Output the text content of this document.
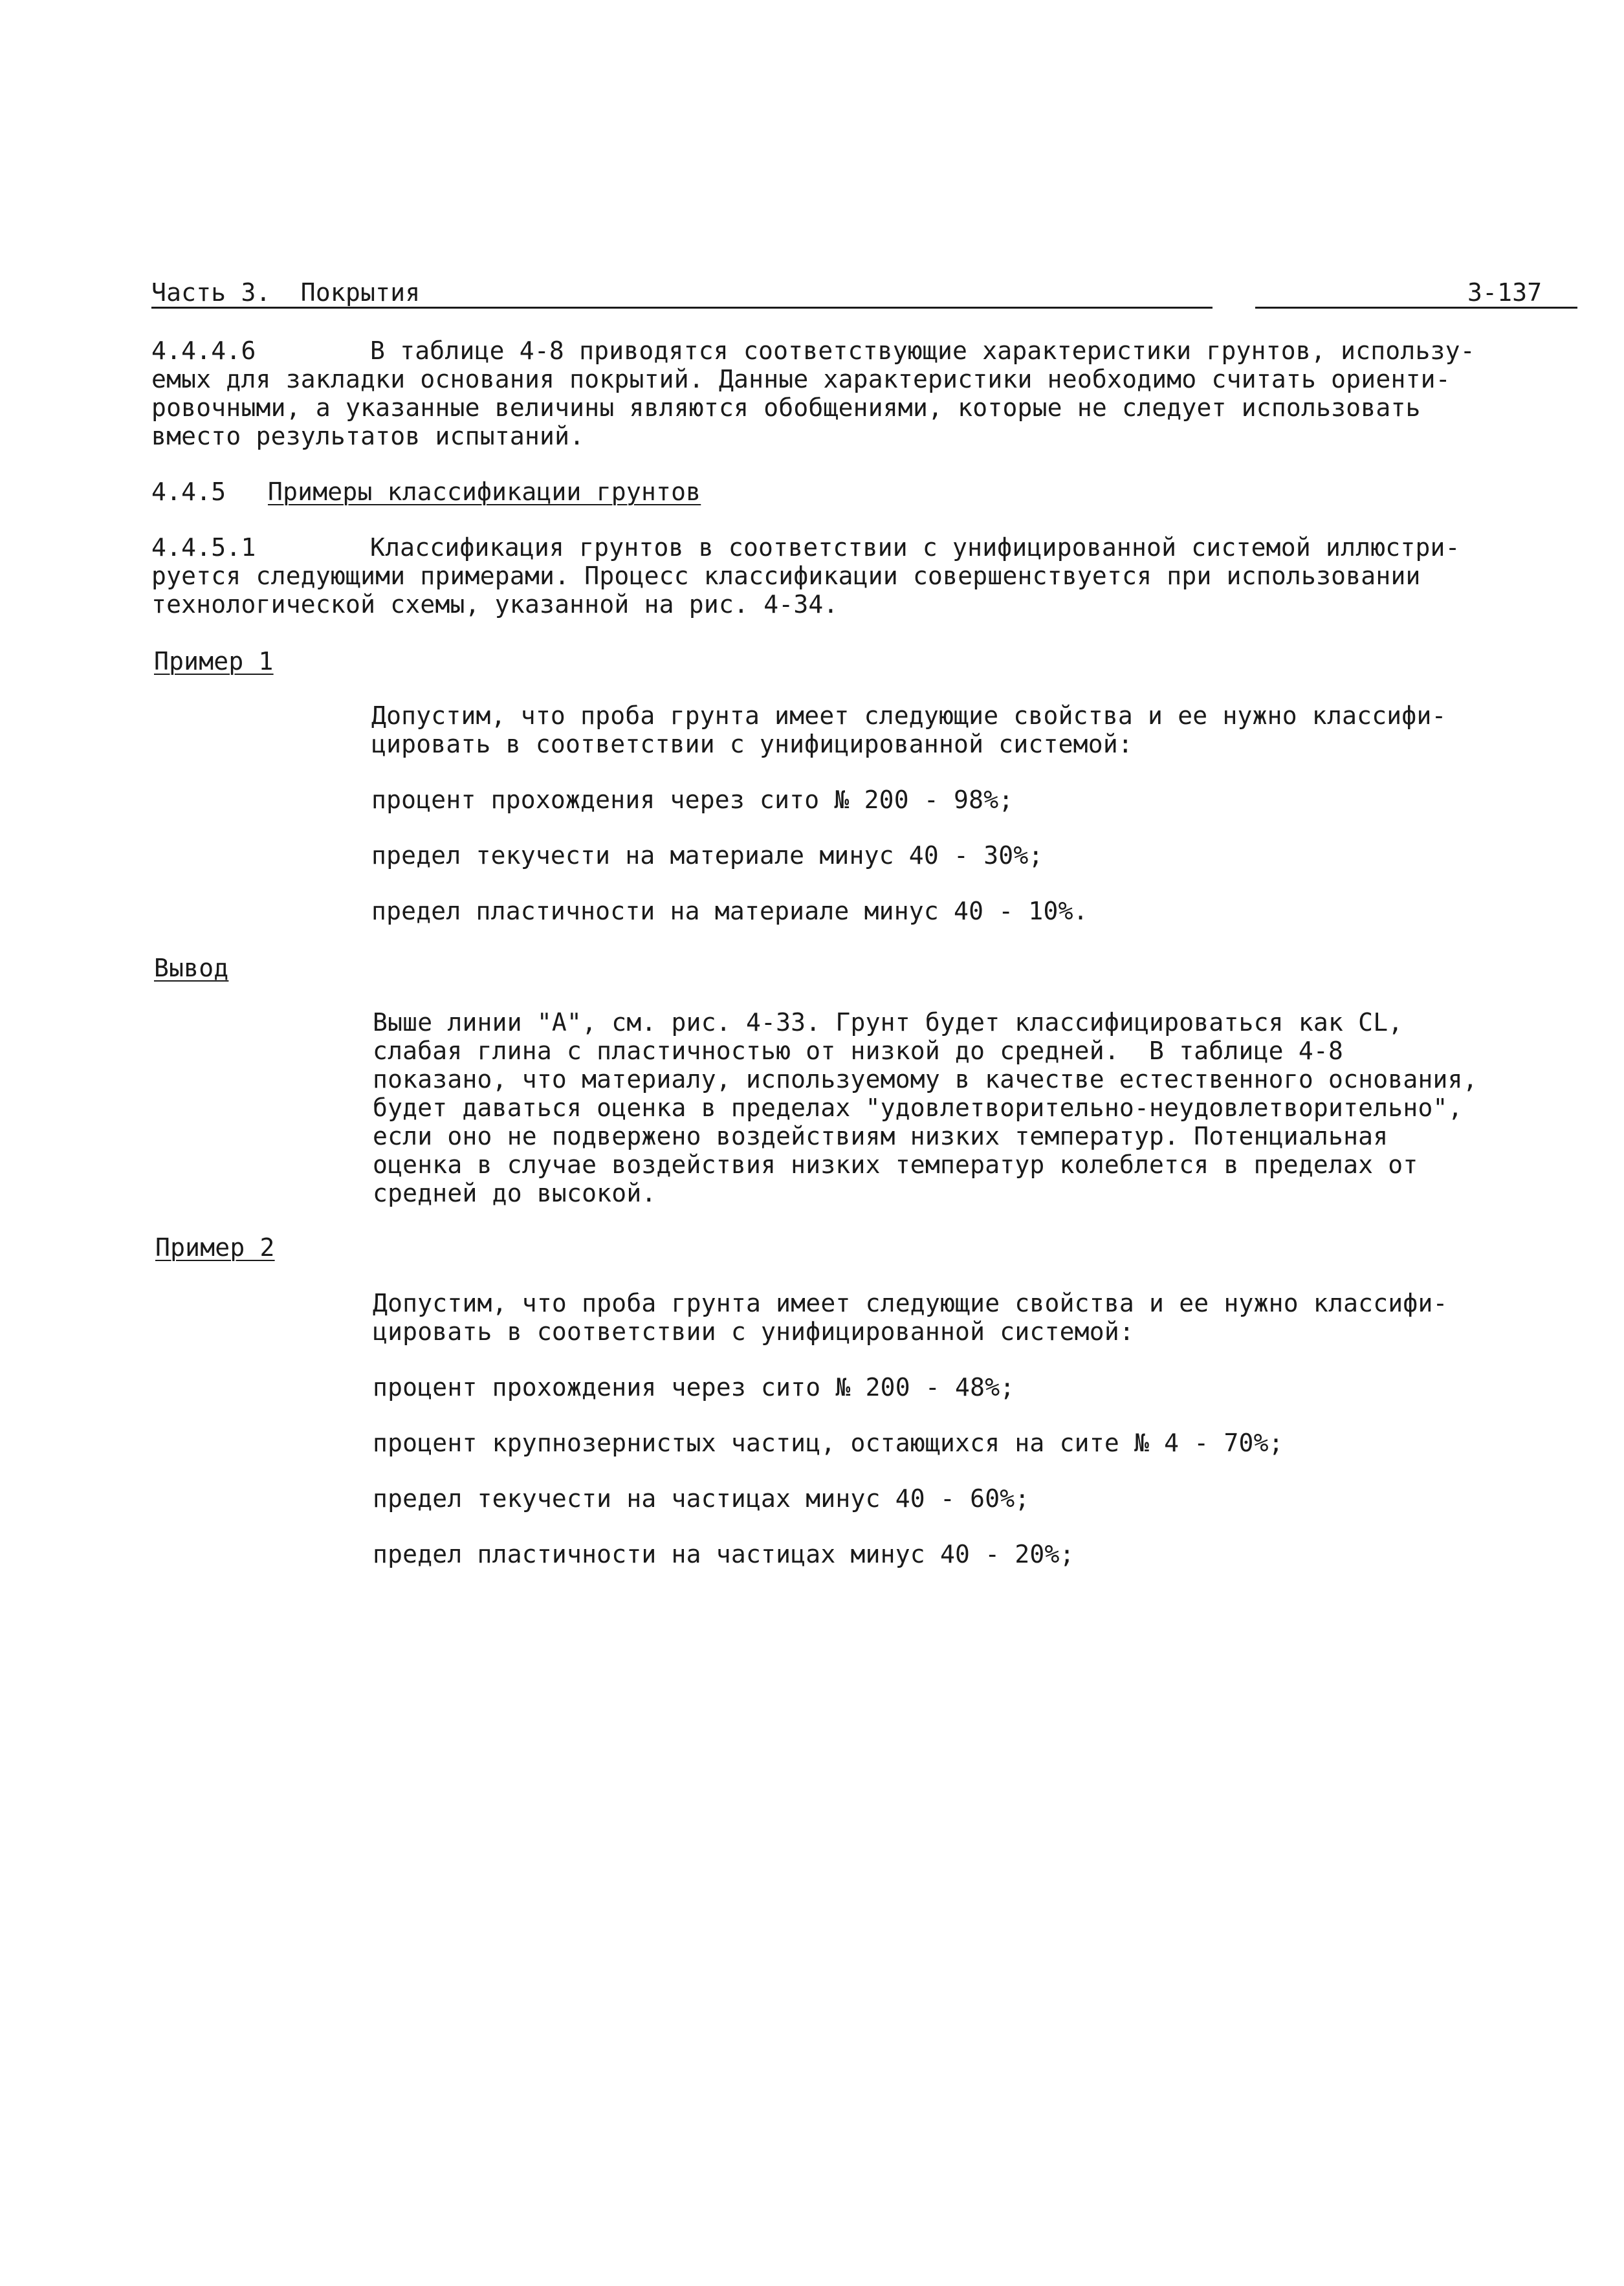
Часть 3.  Покрытия	3-137
4.4.4.6	В таблице 4-8 приводятся соответствующие характеристики грунтов, использу-
емых для закладки основания покрытий. Данные характеристики необходимо считать ориенти-
ровочными, а указанные величины являются обобщениями, которые не следует использовать
вместо результатов испытаний.
4.4.5 Примеры классификации грунтов
4.4.5.1	Классификация грунтов в соответствии с унифицированной системой иллюстри-
руется следующими примерами. Процесс классификации совершенствуется при использовании
технологической схемы, указанной на рис. 4-34.
Пример 1
Допустим, что проба грунта имеет следующие свойства и ее нужно классифи-
цировать в соответствии с унифицированной системой:
процент прохождения через сито № 200 - 98%;
предел текучести на материале минус 40 - 30%;
предел пластичности на материале минус 40 - 10%.
Вывод
Выше линии "А", см. рис. 4-33. Грунт будет классифицироваться как CL,
слабая глина с пластичностью от низкой до средней.  В таблице 4-8
показано, что материалу, используемому в качестве естественного основания,
будет даваться оценка в пределах "удовлетворительно-неудовлетворительно",
если оно не подвержено воздействиям низких температур. Потенциальная
оценка в случае воздействия низких температур колеблется в пределах от
средней до высокой.
Пример 2
Допустим, что проба грунта имеет следующие свойства и ее нужно классифи-
цировать в соответствии с унифицированной системой:
процент прохождения через сито № 200 - 48%;
процент крупнозернистых частиц, остающихся на сите № 4 - 70%;
предел текучести на частицах минус 40 - 60%;
предел пластичности на частицах минус 40 - 20%;
